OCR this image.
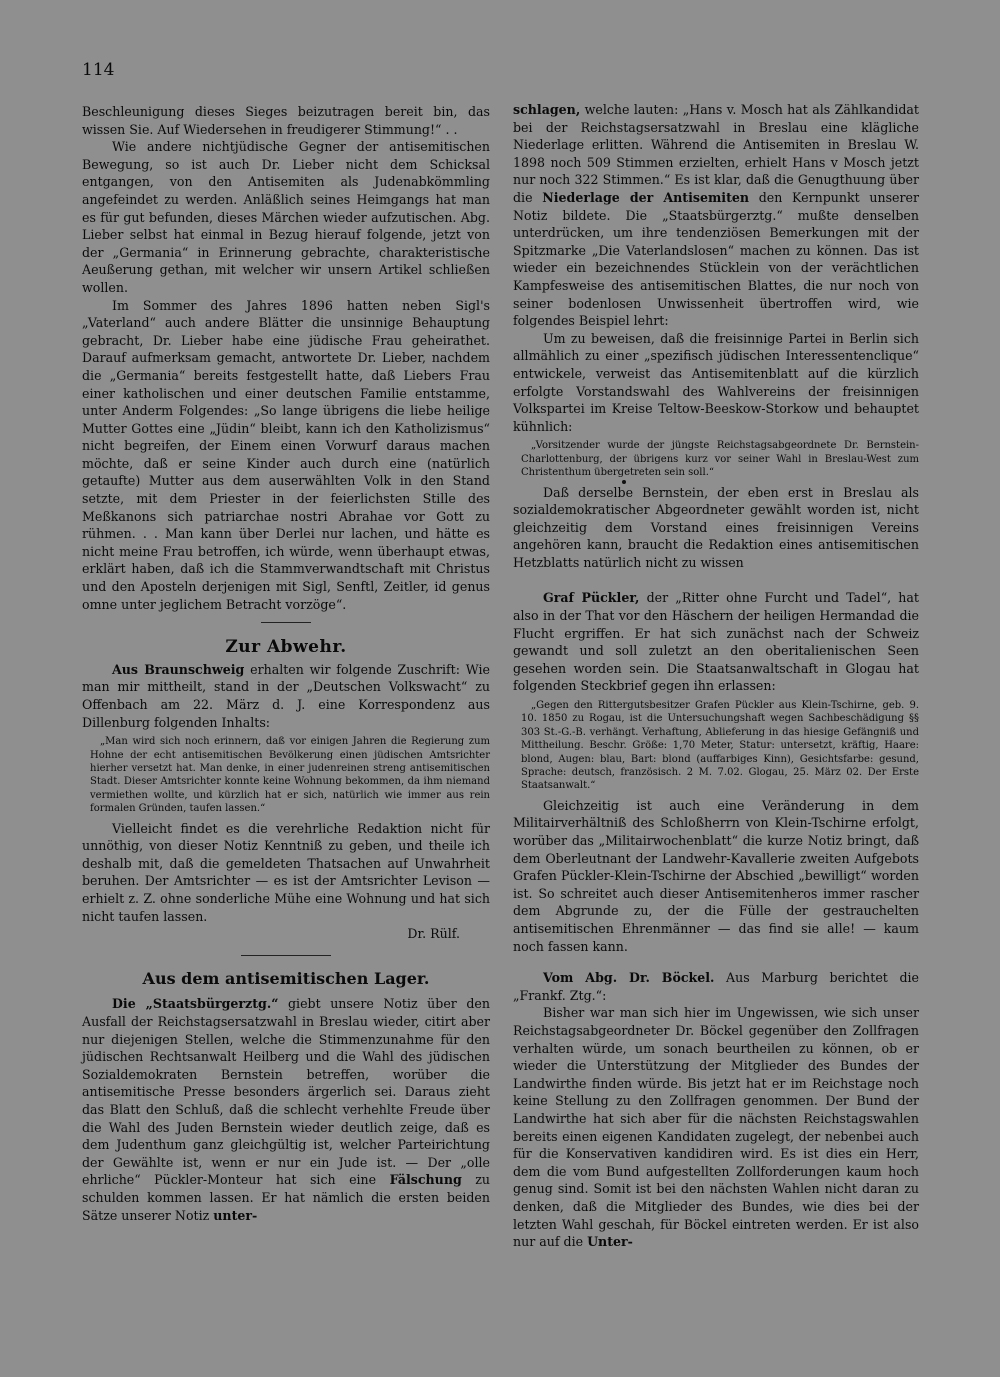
114

Beschleunigung dieses Sieges beizutragen bereit bin, das wissen Sie. Auf Wiedersehen in freudigerer Stimmung!“ . .

Wie andere nichtjüdische Gegner der antisemitischen Bewegung, so ist auch Dr. Lieber nicht dem Schicksal entgangen, von den Antisemiten als Judenabkömmling angefeindet zu werden. Anläßlich seines Heimgangs hat man es für gut befunden, dieses Märchen wieder aufzutischen. Abg. Lieber selbst hat einmal in Bezug hierauf folgende, jetzt von der „Germania“ in Erinnerung gebrachte, charakteristische Aeußerung gethan, mit welcher wir unsern Artikel schließen wollen.

Im Sommer des Jahres 1896 hatten neben Sigl's „Vaterland“ auch andere Blätter die unsinnige Behauptung gebracht, Dr. Lieber habe eine jüdische Frau geheirathet. Darauf aufmerksam gemacht, antwortete Dr. Lieber, nachdem die „Germania“ bereits festgestellt hatte, daß Liebers Frau einer katholischen und einer deutschen Familie entstamme, unter Anderm Folgendes: „So lange übrigens die liebe heilige Mutter Gottes eine „Jüdin“ bleibt, kann ich den Katholizismus“ nicht begreifen, der Einem einen Vorwurf daraus machen möchte, daß er seine Kinder auch durch eine (natürlich getaufte) Mutter aus dem auserwählten Volk in den Stand setzte, mit dem Priester in der feierlichsten Stille des Meßkanons sich patriarchae nostri Abrahae vor Gott zu rühmen. . . Man kann über Derlei nur lachen, und hätte es nicht meine Frau betroffen, ich würde, wenn überhaupt etwas, erklärt haben, daß ich die Stammverwandtschaft mit Christus und den Aposteln derjenigen mit Sigl, Senftl, Zeitler, id genus omne unter jeglichem Betracht vorzöge“.

Zur Abwehr.

Aus Braunschweig erhalten wir folgende Zuschrift: Wie man mir mittheilt, stand in der „Deutschen Volkswacht“ zu Offenbach am 22. März d. J. eine Korrespondenz aus Dillenburg folgenden Inhalts:

„Man wird sich noch erinnern, daß vor einigen Jahren die Regierung zum Hohne der echt antisemitischen Bevölkerung einen jüdischen Amtsrichter hierher versetzt hat. Man denke, in einer judenreinen streng antisemitischen Stadt. Dieser Amtsrichter konnte keine Wohnung bekommen, da ihm niemand vermiethen wollte, und kürzlich hat er sich, natürlich wie immer aus rein formalen Gründen, taufen lassen.“

Vielleicht findet es die verehrliche Redaktion nicht für unnöthig, von dieser Notiz Kenntniß zu geben, und theile ich deshalb mit, daß die gemeldeten Thatsachen auf Unwahrheit beruhen. Der Amtsrichter — es ist der Amtsrichter Levison — erhielt z. Z. ohne sonderliche Mühe eine Wohnung und hat sich nicht taufen lassen.

Dr. Rülf.

Aus dem antisemitischen Lager.

Die „Staatsbürgerztg.“ giebt unsere Notiz über den Ausfall der Reichstagsersatzwahl in Breslau wieder, citirt aber nur diejenigen Stellen, welche die Stimmenzunahme für den jüdischen Rechtsanwalt Heilberg und die Wahl des jüdischen Sozialdemokraten Bernstein betreffen, worüber die antisemitische Presse besonders ärgerlich sei. Daraus zieht das Blatt den Schluß, daß die schlecht verhehlte Freude über die Wahl des Juden Bernstein wieder deutlich zeige, daß es dem Judenthum ganz gleichgültig ist, welcher Parteirichtung der Gewählte ist, wenn er nur ein Jude ist. — Der „olle ehrliche“ Pückler-Monteur hat sich eine Fälschung zu schulden kommen lassen. Er hat nämlich die ersten beiden Sätze unserer Notiz unter-

schlagen, welche lauten: „Hans v. Mosch hat als Zählkandidat bei der Reichstagsersatzwahl in Breslau eine klägliche Niederlage erlitten. Während die Antisemiten in Breslau W. 1898 noch 509 Stimmen erzielten, erhielt Hans v Mosch jetzt nur noch 322 Stimmen.“ Es ist klar, daß die Genugthuung über die Niederlage der Antisemiten den Kernpunkt unserer Notiz bildete. Die „Staatsbürgerztg.“ mußte denselben unterdrücken, um ihre tendenziösen Bemerkungen mit der Spitzmarke „Die Vaterlandslosen“ machen zu können. Das ist wieder ein bezeichnendes Stücklein von der verächtlichen Kampfesweise des antisemitischen Blattes, die nur noch von seiner bodenlosen Unwissenheit übertroffen wird, wie folgendes Beispiel lehrt:

Um zu beweisen, daß die freisinnige Partei in Berlin sich allmählich zu einer „spezifisch jüdischen Interessentenclique“ entwickele, verweist das Antisemitenblatt auf die kürzlich erfolgte Vorstandswahl des Wahlvereins der freisinnigen Volkspartei im Kreise Teltow-Beeskow-Storkow und behauptet kühnlich:

„Vorsitzender wurde der jüngste Reichstagsabgeordnete Dr. Bernstein-Charlottenburg, der übrigens kurz vor seiner Wahl in Breslau-West zum Christenthum übergetreten sein soll.“

Daß derselbe Bernstein, der eben erst in Breslau als sozialdemokratischer Abgeordneter gewählt worden ist, nicht gleichzeitig dem Vorstand eines freisinnigen Vereins angehören kann, braucht die Redaktion eines antisemitischen Hetzblatts natürlich nicht zu wissen

Graf Pückler, der „Ritter ohne Furcht und Tadel“, hat also in der That vor den Häschern der heiligen Hermandad die Flucht ergriffen. Er hat sich zunächst nach der Schweiz gewandt und soll zuletzt an den oberitalienischen Seen gesehen worden sein. Die Staatsanwaltschaft in Glogau hat folgenden Steckbrief gegen ihn erlassen:

„Gegen den Rittergutsbesitzer Grafen Pückler aus Klein-Tschirne, geb. 9. 10. 1850 zu Rogau, ist die Untersuchungshaft wegen Sachbeschädigung §§ 303 St.-G.-B. verhängt. Verhaftung, Ablieferung in das hiesige Gefängniß und Mittheilung. Beschr. Größe: 1,70 Meter, Statur: untersetzt, kräftig, Haare: blond, Augen: blau, Bart: blond (auffarbiges Kinn), Gesichtsfarbe: gesund, Sprache: deutsch, französisch. 2 M. 7.02. Glogau, 25. März 02. Der Erste Staatsanwalt.“

Gleichzeitig ist auch eine Veränderung in dem Militairverhältniß des Schloßherrn von Klein-Tschirne erfolgt, worüber das „Militairwochenblatt“ die kurze Notiz bringt, daß dem Oberleutnant der Landwehr-Kavallerie zweiten Aufgebots Grafen Pückler-Klein-Tschirne der Abschied „bewilligt“ worden ist. So schreitet auch dieser Antisemitenheros immer rascher dem Abgrunde zu, der die Fülle der gestrauchelten antisemitischen Ehrenmänner — das find sie alle! — kaum noch fassen kann.

Vom Abg. Dr. Böckel. Aus Marburg berichtet die „Frankf. Ztg.“:

Bisher war man sich hier im Ungewissen, wie sich unser Reichstagsabgeordneter Dr. Böckel gegenüber den Zollfragen verhalten würde, um sonach beurtheilen zu können, ob er wieder die Unterstützung der Mitglieder des Bundes der Landwirthe finden würde. Bis jetzt hat er im Reichstage noch keine Stellung zu den Zollfragen genommen. Der Bund der Landwirthe hat sich aber für die nächsten Reichstagswahlen bereits einen eigenen Kandidaten zugelegt, der nebenbei auch für die Konservativen kandidiren wird. Es ist dies ein Herr, dem die vom Bund aufgestellten Zollforderungen kaum hoch genug sind. Somit ist bei den nächsten Wahlen nicht daran zu denken, daß die Mitglieder des Bundes, wie dies bei der letzten Wahl geschah, für Böckel eintreten werden. Er ist also nur auf die Unter-
